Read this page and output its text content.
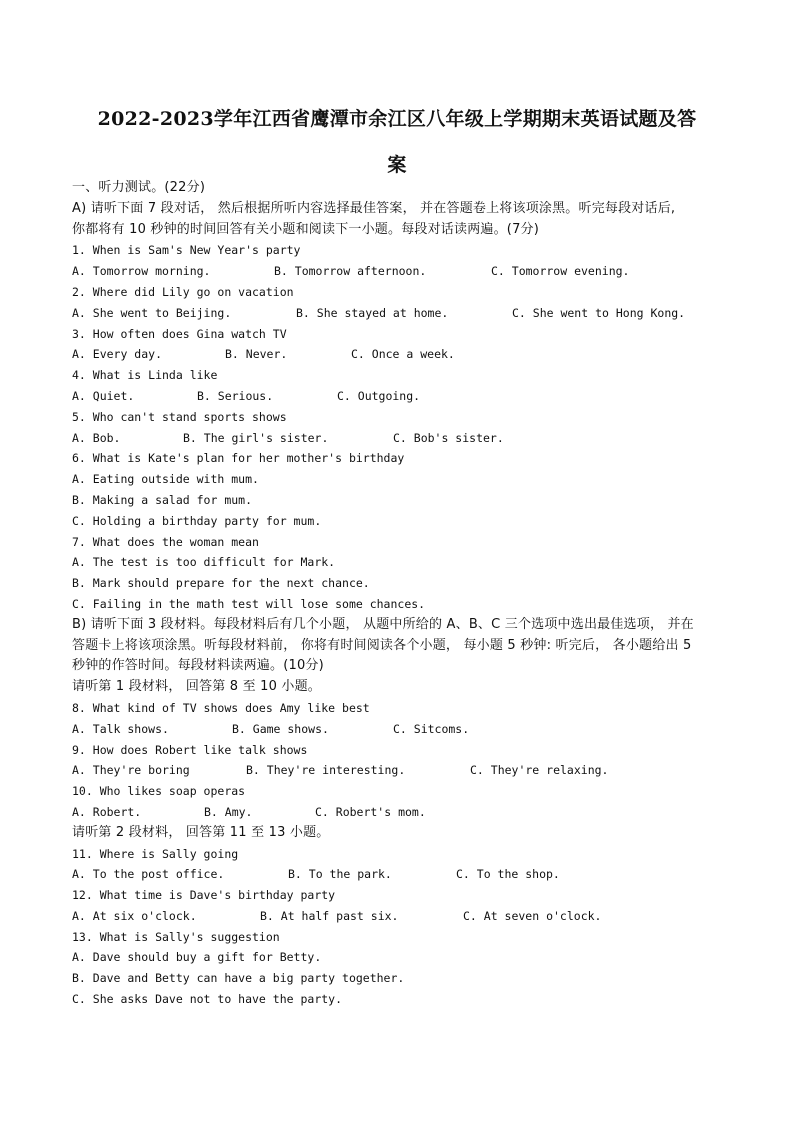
2022-2023学年江西省鹰潭市余江区八年级上学期期末英语试题及答
案
一、听力测试。(22分)
A) 请听下面 7 段对话， 然后根据所听内容选择最佳答案， 并在答题卷上将该项涂黑。听完每段对话后,
你都将有 10 秒钟的时间回答有关小题和阅读下一小题。每段对话读两遍。(7分)
1. When is Sam's New Year's party
A. Tomorrow morning.	B. Tomorrow afternoon.	C. Tomorrow evening.
2. Where did Lily go on vacation
A. She went to Beijing.	B. She stayed at home.	C. She went to Hong Kong.
3. How often does Gina watch TV
A. Every day.	B. Never.	C. Once a week.
4. What is Linda like
A. Quiet.	B. Serious.	C. Outgoing.
5. Who can't stand sports shows
A. Bob.	B. The girl's sister.	C. Bob's sister.
6. What is Kate's plan for her mother's birthday
A. Eating outside with mum.
B. Making a salad for mum.
C. Holding a birthday party for mum.
7. What does the woman mean
A. The test is too difficult for Mark.
B. Mark should prepare for the next chance.
C. Failing in the math test will lose some chances.
B) 请听下面 3 段材料。每段材料后有几个小题， 从题中所给的 A、B、C 三个选项中选出最佳选项， 并在
答题卡上将该项涂黑。听每段材料前， 你将有时间阅读各个小题， 每小题 5 秒钟: 听完后， 各小题给出 5
秒钟的作答时间。每段材料读两遍。(10分)
请听第 1 段材料， 回答第 8 至 10 小题。
8. What kind of TV shows does Amy like best
A. Talk shows.	B. Game shows.	C. Sitcoms.
9. How does Robert like talk shows
A. They're boring	B. They're interesting.	C. They're relaxing.
10. Who likes soap operas
A. Robert.	B. Amy.	C. Robert's mom.
请听第 2 段材料， 回答第 11 至 13 小题。
11. Where is Sally going
A. To the post office.	B. To the park.	C. To the shop.
12. What time is Dave's birthday party
A. At six o'clock.	B. At half past six.	C. At seven o'clock.
13. What is Sally's suggestion
A. Dave should buy a gift for Betty.
B. Dave and Betty can have a big party together.
C. She asks Dave not to have the party.
